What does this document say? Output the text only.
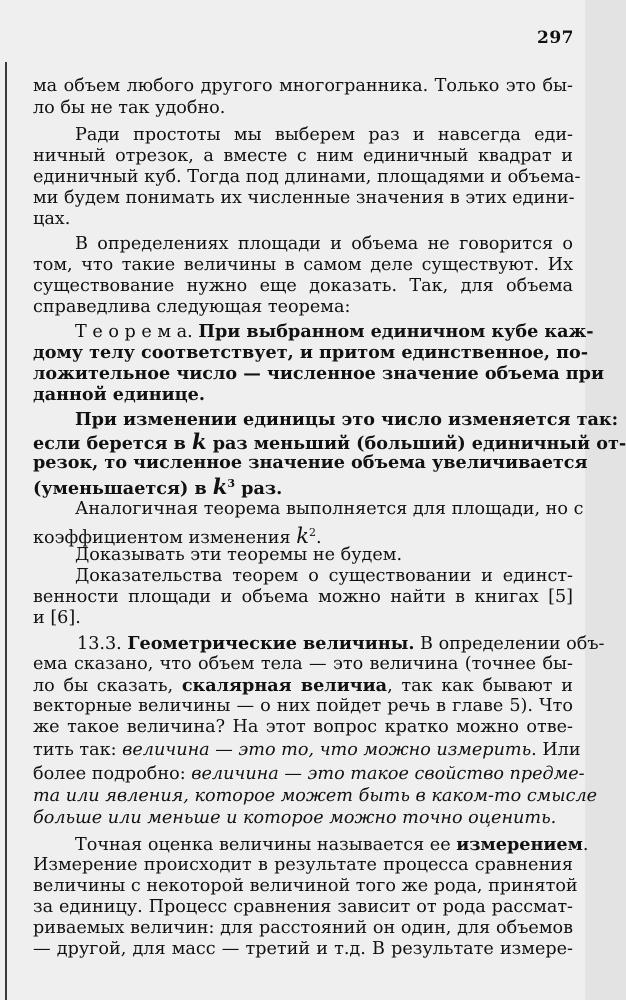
297
ма объем любого другого многогранника. Только это бы-
ло бы не так удобно.
Ради простоты мы выберем раз и навсегда еди-
ничный отрезок, а вместе с ним единичный квадрат и
единичный куб. Тогда под длинами, площадями и объема-
ми будем понимать их численные значения в этих едини-
цах.
В определениях площади и объема не говорится о
том, что такие величины в самом деле существуют. Их
существование нужно еще доказать. Так, для объема
справедлива следующая теорема:
Т е о р е м а. При выбранном единичном кубе каж-
дому телу соответствует, и притом единственное, по-
ложительное число — численное значение объема при
данной единице.
При изменении единицы это число изменяется так:
если берется в k раз меньший (больший) единичный от-
резок, то численное значение объема увеличивается
(уменьшается) в $k^3$ раз.
Аналогичная теорема выполняется для площади, но с
коэффициентом изменения $k^2$.
Доказывать эти теоремы не будем.
Доказательства теорем о существовании и единст-
венности площади и объема можно найти в книгах [5]
и [6].
13.3. Геометрические величины. В определении объ-
ема сказано, что объем тела — это величина (точнее бы-
ло бы сказать, скалярная величиа, так как бывают и
векторные величины — о них пойдет речь в главе 5). Что
же такое величина? На этот вопрос кратко можно отве-
тить так: величина — это то, что можно измерить. Или
более подробно: величина — это такое свойство предме-
та или явления, которое может быть в каком-то смысле
больше или меньше и которое можно точно оценить.
Точная оценка величины называется ее измерением.
Измерение происходит в результате процесса сравнения
величины с некоторой величиной того же рода, принятой
за единицу. Процесс сравнения зависит от рода рассмат-
риваемых величин: для расстояний он один, для объемов
— другой, для масс — третий и т.д. В результате измере-
